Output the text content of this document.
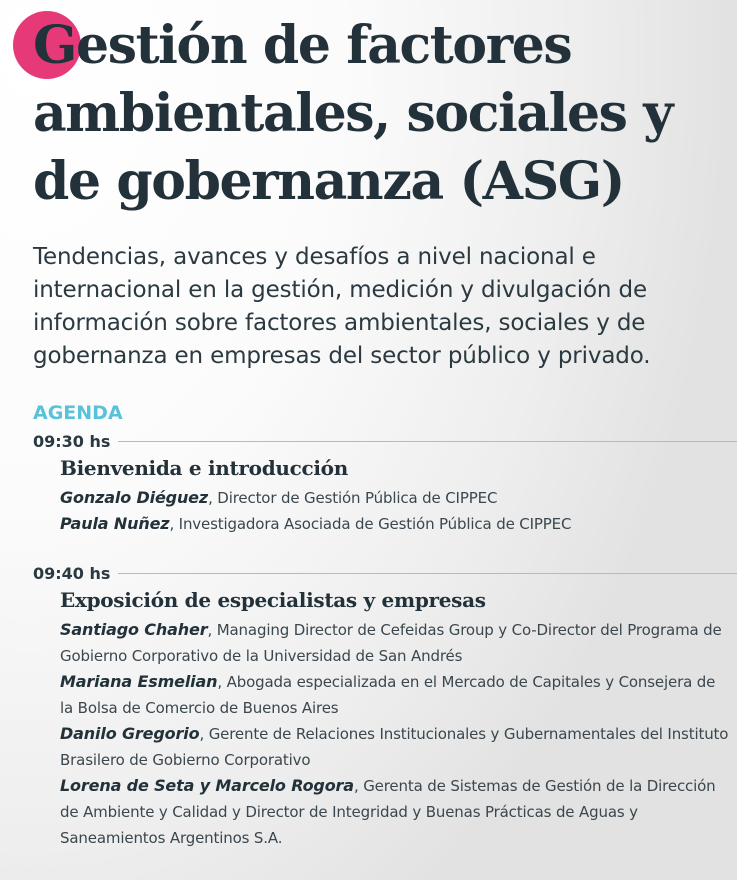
Gestión de factores ambientales, sociales y de gobernanza (ASG)

Tendencias, avances y desafíos a nivel nacional e internacional en la gestión, medición y divulgación de información sobre factores ambientales, sociales y de gobernanza en empresas del sector público y privado.

AGENDA
09:30 hs
Bienvenida e introducción
Gonzalo Diéguez, Director de Gestión Pública de CIPPEC
Paula Nuñez, Investigadora Asociada de Gestión Pública de CIPPEC
09:40 hs
Exposición de especialistas y empresas
Santiago Chaher, Managing Director de Cefeidas Group y Co-Director del Programa de Gobierno Corporativo de la Universidad de San Andrés
Mariana Esmelian, Abogada especializada en el Mercado de Capitales y Consejera de la Bolsa de Comercio de Buenos Aires
Danilo Gregorio, Gerente de Relaciones Institucionales y Gubernamentales del Instituto Brasilero de Gobierno Corporativo
Lorena de Seta y Marcelo Rogora, Gerenta de Sistemas de Gestión de la Dirección de Ambiente y Calidad y Director de Integridad y Buenas Prácticas de Aguas y Saneamientos Argentinos S.A.
